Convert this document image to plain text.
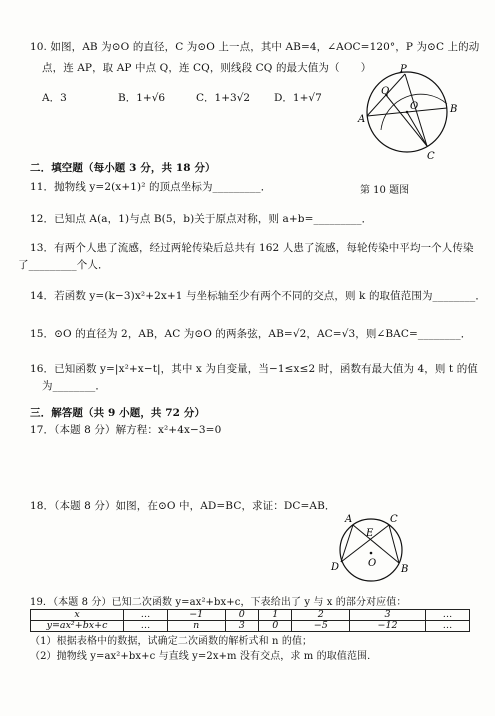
10. 如图，AB 为⊙O 的直径，C 为⊙O 上一点，其中 AB=4，∠AOC=120°，P 为⊙C 上的动
点，连 AP，取 AP 中点 Q，连 CQ，则线段 CQ 的最大值为（　　）
A．3	B．1+√6	C．1+3√2 D．1+√7
P
Q
O
A
B
C
第 10 题图
二．填空题（每小题 3 分，共 18 分）
11．抛物线 y=2(x+1)² 的顶点坐标为_________．
12．已知点 A(a，1)与点 B(5，b)关于原点对称，则 a+b=_________．
13．有两个人患了流感，经过两轮传染后总共有 162 人患了流感，每轮传染中平均一个人传染
了_________个人．
14．若函数 y=(k−3)x²+2x+1 与坐标轴至少有两个不同的交点，则 k 的取值范围为________．
15．⊙O 的直径为 2，AB，AC 为⊙O 的两条弦，AB=√2，AC=√3，则∠BAC=________．
16．已知函数 y=|x²+x−t|，其中 x 为自变量，当−1≤x≤2 时，函数有最大值为 4，则 t 的值
为________．
三．解答题（共 9 小题，共 72 分）
17．（本题 8 分）解方程：x²+4x−3=0
18．（本题 8 分）如图，在⊙O 中，AD=BC，求证：DC=AB．
A	C
E
O
D	B
19．（本题 8 分）已知二次函数 y=ax²+bx+c，下表给出了 y 与 x 的部分对应值：
x	…	−1	0	1	2	3	…
y=ax²+bx+c	…	n	3	0	−5	−12	…
（1）根据表格中的数据，试确定二次函数的解析式和 n 的值；
（2）抛物线 y=ax²+bx+c 与直线 y=2x+m 没有交点，求 m 的取值范围．
